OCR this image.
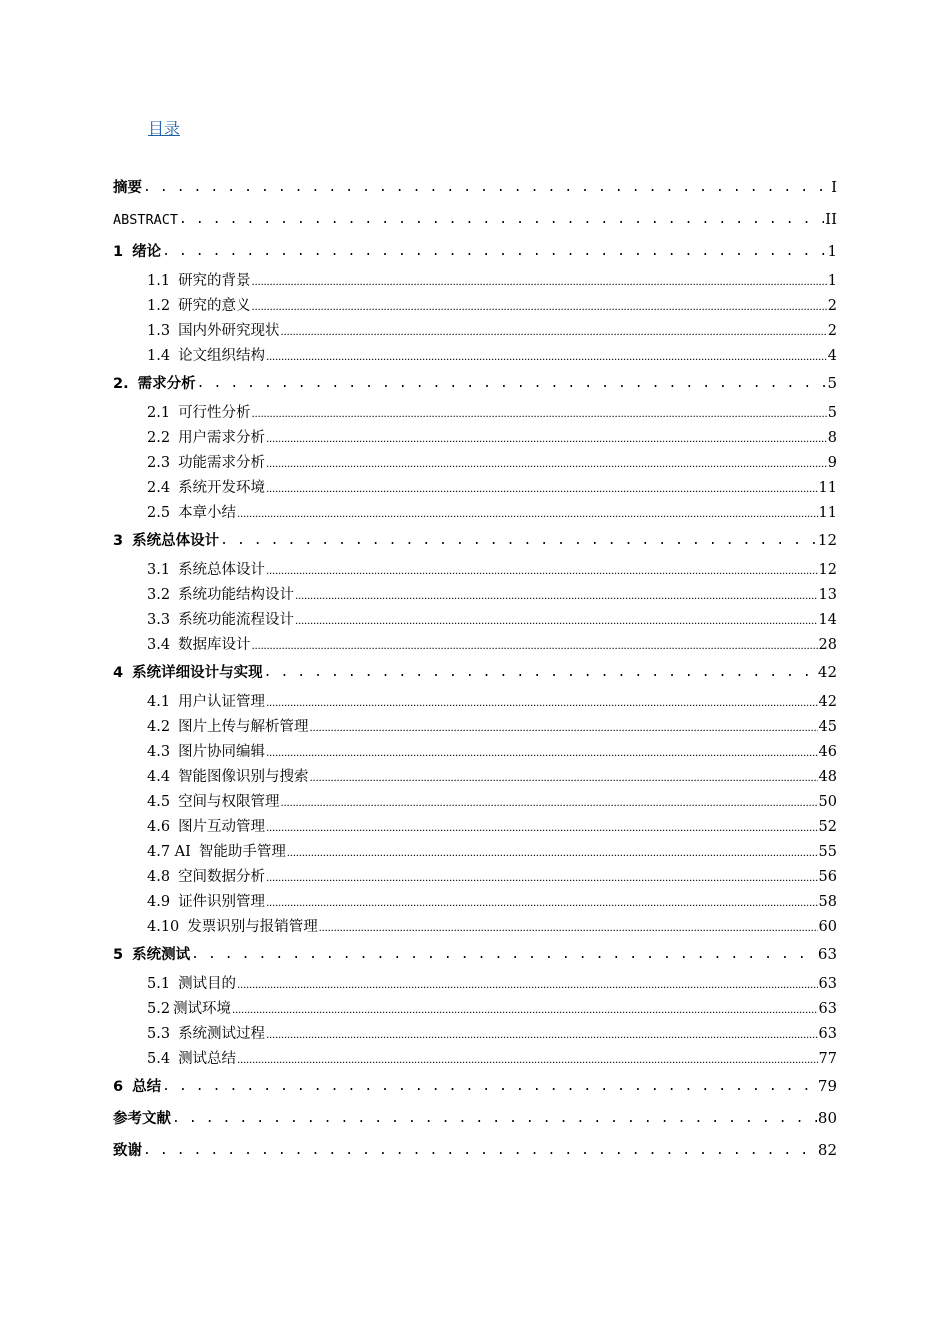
目录
摘要 . . .	I
ABSTRACT . . .	II
1 绪论 . . .	1
1.1 研究的背景 .....	1
1.2 研究的意义 .....	2
1.3 国内外研究现状 .....	2
1.4 论文组织结构 .....	4
2. 需求分析 . . .	5
2.1 可行性分析 .....	5
2.2 用户需求分析 .....	8
2.3 功能需求分析 .....	9
2.4 系统开发环境 .....	11
2.5 本章小结 .....	11
3 系统总体设计 . . .	12
3.1 系统总体设计 .....	12
3.2 系统功能结构设计 .....	13
3.3 系统功能流程设计 .....	14
3.4 数据库设计 .....	28
4 系统详细设计与实现 . . .	42
4.1 用户认证管理 .....	42
4.2 图片上传与解析管理 .....	45
4.3 图片协同编辑 .....	46
4.4 智能图像识别与搜索 .....	48
4.5 空间与权限管理 .....	50
4.6 图片互动管理 .....	52
4.7 AI 智能助手管理 .....	55
4.8 空间数据分析 .....	56
4.9 证件识别管理 .....	58
4.10 发票识别与报销管理 .....	60
5 系统测试 . . .	63
5.1 测试目的 .....	63
5.2 测试环境 .....	63
5.3 系统测试过程 .....	63
5.4 测试总结 .....	77
6 总结 . . .	79
参考文献 . . .	80
致谢 . . .	82
